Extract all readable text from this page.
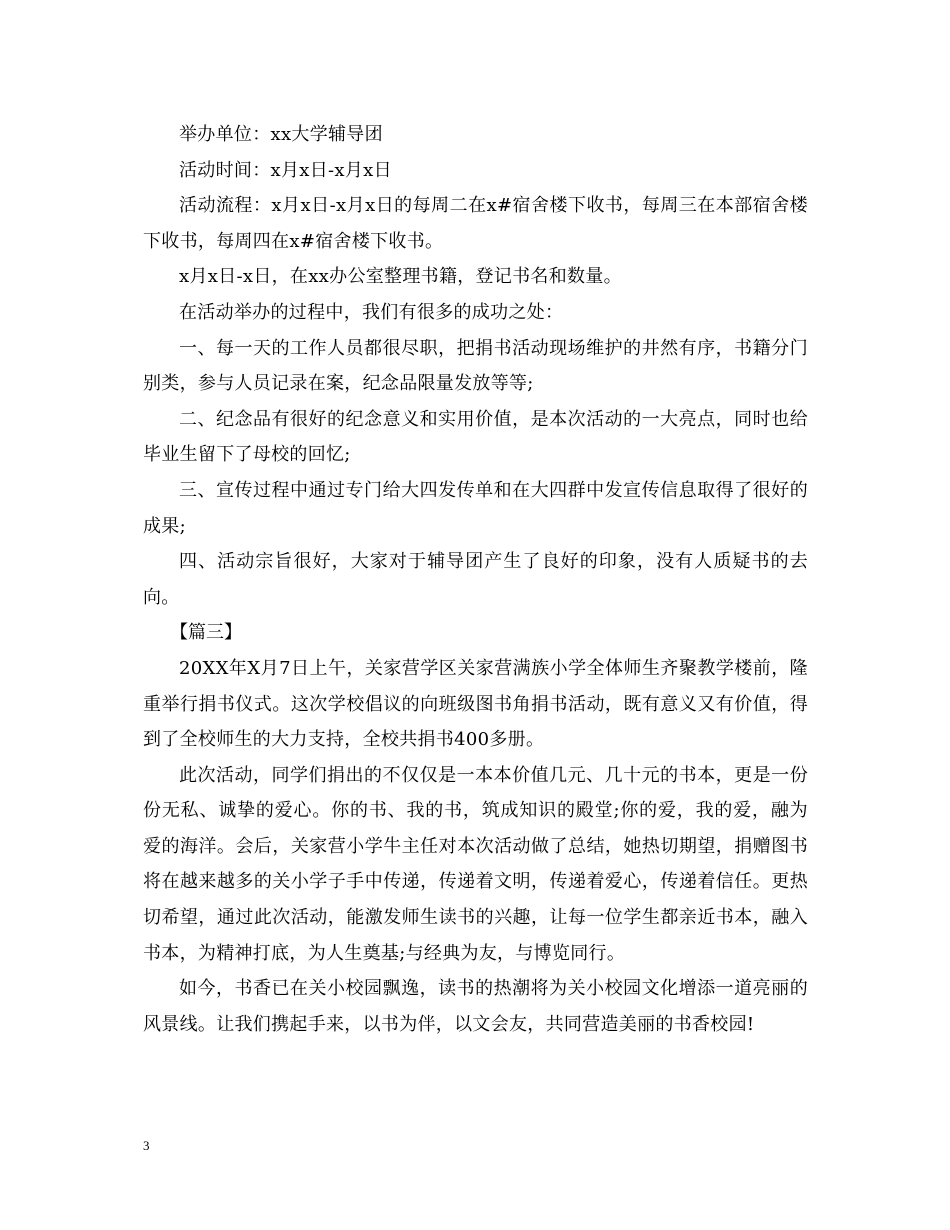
举办单位：xx大学辅导团

活动时间：x月x日-x月x日

活动流程：x月x日-x月x日的每周二在x#宿舍楼下收书，每周三在本部宿舍楼下收书，每周四在x#宿舍楼下收书。

x月x日-x日，在xx办公室整理书籍，登记书名和数量。

在活动举办的过程中，我们有很多的成功之处：

一、每一天的工作人员都很尽职，把捐书活动现场维护的井然有序，书籍分门别类，参与人员记录在案，纪念品限量发放等等;

二、纪念品有很好的纪念意义和实用价值，是本次活动的一大亮点，同时也给毕业生留下了母校的回忆;

三、宣传过程中通过专门给大四发传单和在大四群中发宣传信息取得了很好的成果;

四、活动宗旨很好，大家对于辅导团产生了良好的印象，没有人质疑书的去向。

【篇三】

20XX年X月7日上午，关家营学区关家营满族小学全体师生齐聚教学楼前，隆重举行捐书仪式。这次学校倡议的向班级图书角捐书活动，既有意义又有价值，得到了全校师生的大力支持，全校共捐书400多册。

此次活动，同学们捐出的不仅仅是一本本价值几元、几十元的书本，更是一份份无私、诚挚的爱心。你的书、我的书，筑成知识的殿堂;你的爱，我的爱，融为爱的海洋。会后，关家营小学牛主任对本次活动做了总结，她热切期望，捐赠图书将在越来越多的关小学子手中传递，传递着文明，传递着爱心，传递着信任。更热切希望，通过此次活动，能激发师生读书的兴趣，让每一位学生都亲近书本，融入书本，为精神打底，为人生奠基;与经典为友，与博览同行。

如今，书香已在关小校园飘逸，读书的热潮将为关小校园文化增添一道亮丽的风景线。让我们携起手来，以书为伴，以文会友，共同营造美丽的书香校园!

3
